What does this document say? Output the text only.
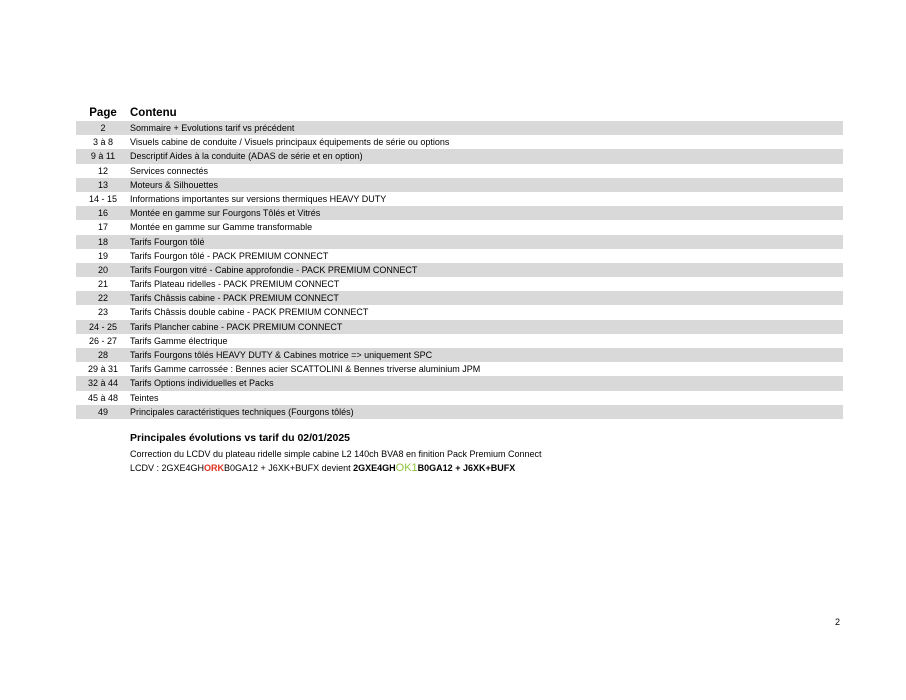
Page	Contenu
2	Sommaire + Evolutions tarif vs précédent
3 à 8	Visuels cabine de conduite / Visuels principaux équipements de série ou options
9 à 11	Descriptif Aides à la conduite (ADAS de série et en option)
12	Services connectés
13	Moteurs & Silhouettes
14 - 15	Informations importantes sur versions thermiques HEAVY DUTY
16	Montée en gamme sur Fourgons Tôlés et Vitrés
17	Montée en gamme sur Gamme transformable
18	Tarifs Fourgon tôlé
19	Tarifs Fourgon tôlé - PACK PREMIUM CONNECT
20	Tarifs Fourgon vitré - Cabine approfondie - PACK PREMIUM CONNECT
21	Tarifs Plateau ridelles - PACK PREMIUM CONNECT
22	Tarifs Châssis cabine - PACK PREMIUM CONNECT
23	Tarifs Châssis double cabine - PACK PREMIUM CONNECT
24 - 25	Tarifs Plancher cabine - PACK PREMIUM CONNECT
26 - 27	Tarifs Gamme électrique
28	Tarifs Fourgons tôlés HEAVY DUTY & Cabines motrice => uniquement SPC
29 à 31	Tarifs Gamme carrossée : Bennes acier SCATTOLINI & Bennes triverse aluminium JPM
32 à 44	Tarifs Options individuelles et Packs
45 à 48	Teintes
49	Principales caractéristiques techniques (Fourgons tôlés)
Principales évolutions vs tarif du 02/01/2025
Correction du LCDV du plateau ridelle simple cabine L2 140ch BVA8 en finition Pack Premium Connect
LCDV : 2GXE4GHORKB0GA12 + J6XK+BUFX devient 2GXE4GHOK1B0GA12 + J6XK+BUFX
2
